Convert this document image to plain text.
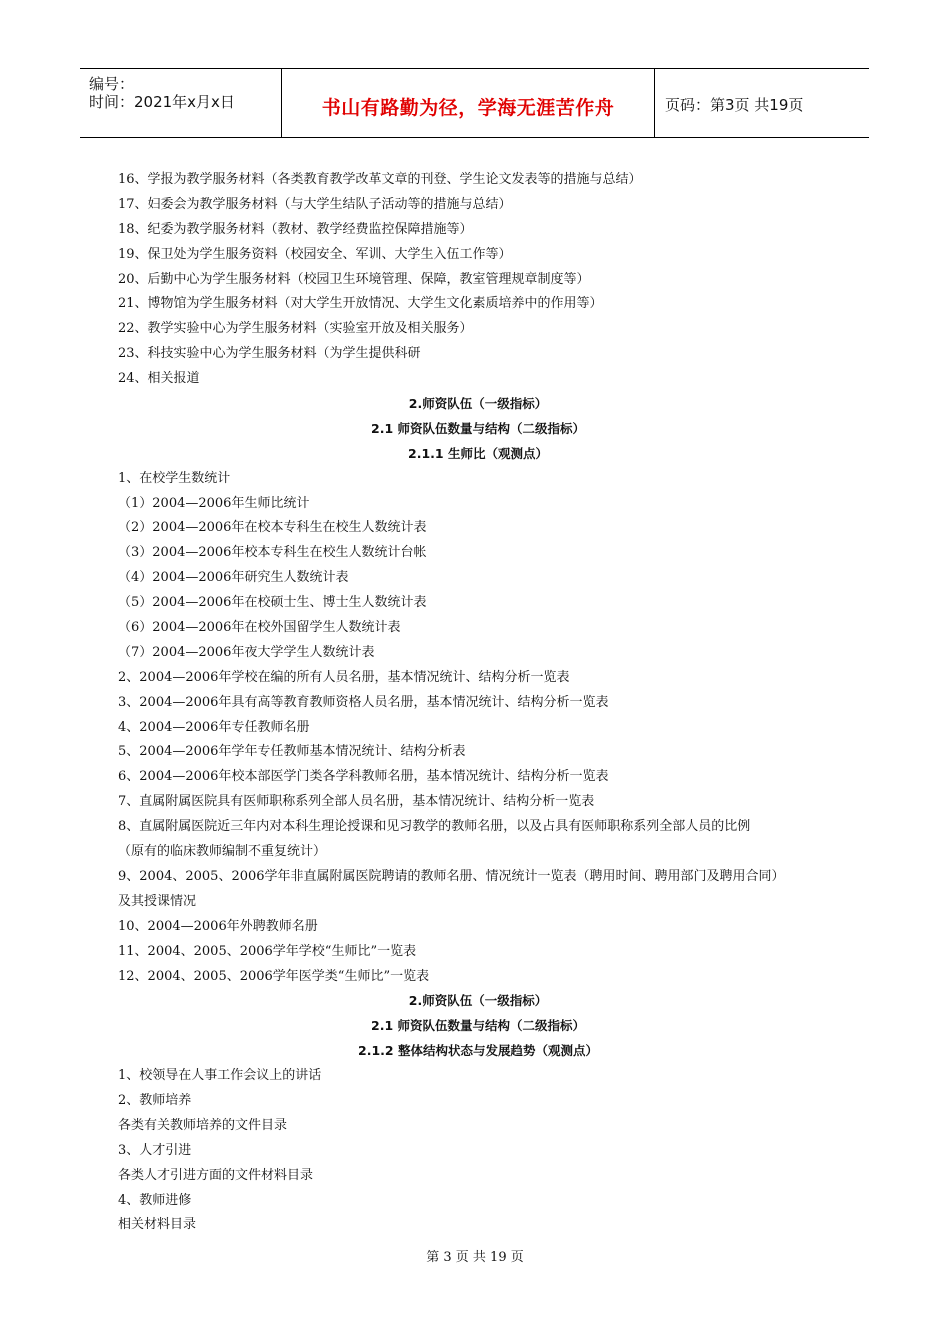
编号：
时间：2021年x月x日	书山有路勤为径，学海无涯苦作舟	页码：第3页 共19页
16、学报为教学服务材料（各类教育教学改革文章的刊登、学生论文发表等的措施与总结）
17、妇委会为教学服务材料（与大学生结队子活动等的措施与总结）
18、纪委为教学服务材料（教材、教学经费监控保障措施等）
19、保卫处为学生服务资料（校园安全、军训、大学生入伍工作等）
20、后勤中心为学生服务材料（校园卫生环境管理、保障，教室管理规章制度等）
21、博物馆为学生服务材料（对大学生开放情况、大学生文化素质培养中的作用等）
22、教学实验中心为学生服务材料（实验室开放及相关服务）
23、科技实验中心为学生服务材料（为学生提供科研
24、相关报道
2.师资队伍（一级指标）
2.1 师资队伍数量与结构（二级指标）
2.1.1 生师比（观测点）
1、在校学生数统计
（1）2004—2006年生师比统计
（2）2004—2006年在校本专科生在校生人数统计表
（3）2004—2006年校本专科生在校生人数统计台帐
（4）2004—2006年研究生人数统计表
（5）2004—2006年在校硕士生、博士生人数统计表
（6）2004—2006年在校外国留学生人数统计表
（7）2004—2006年夜大学学生人数统计表
2、2004—2006年学校在编的所有人员名册，基本情况统计、结构分析一览表
3、2004—2006年具有高等教育教师资格人员名册，基本情况统计、结构分析一览表
4、2004—2006年专任教师名册
5、2004—2006年学年专任教师基本情况统计、结构分析表
6、2004—2006年校本部医学门类各学科教师名册，基本情况统计、结构分析一览表
7、直属附属医院具有医师职称系列全部人员名册，基本情况统计、结构分析一览表
8、直属附属医院近三年内对本科生理论授课和见习教学的教师名册，以及占具有医师职称系列全部人员的比例
（原有的临床教师编制不重复统计）
9、2004、2005、2006学年非直属附属医院聘请的教师名册、情况统计一览表（聘用时间、聘用部门及聘用合同）
及其授课情况
10、2004—2006年外聘教师名册
11、2004、2005、2006学年学校“生师比”一览表
12、2004、2005、2006学年医学类“生师比”一览表
2.师资队伍（一级指标）
2.1 师资队伍数量与结构（二级指标）
2.1.2 整体结构状态与发展趋势（观测点）
1、校领导在人事工作会议上的讲话
2、教师培养
各类有关教师培养的文件目录
3、人才引进
各类人才引进方面的文件材料目录
4、教师进修
相关材料目录
第 3 页 共 19 页
